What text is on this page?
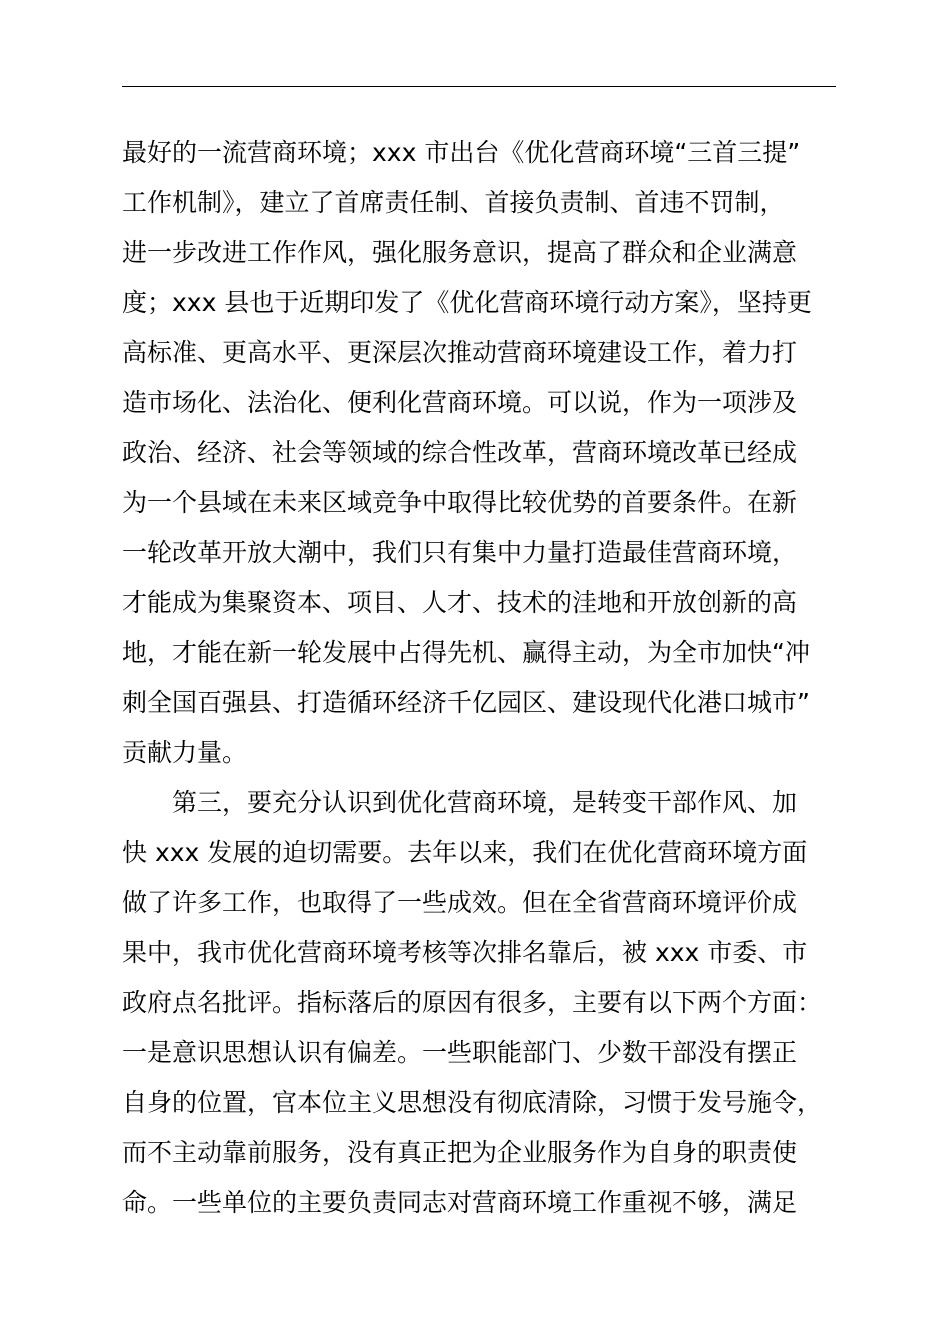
最好的一流营商环境；xxx 市出台《优化营商环境“三首三提”
工作机制》，建立了首席责任制、首接负责制、首违不罚制，
进一步改进工作作风，强化服务意识，提高了群众和企业满意
度；xxx 县也于近期印发了《优化营商环境行动方案》，坚持更
高标准、更高水平、更深层次推动营商环境建设工作，着力打
造市场化、法治化、便利化营商环境。可以说，作为一项涉及
政治、经济、社会等领域的综合性改革，营商环境改革已经成
为一个县域在未来区域竞争中取得比较优势的首要条件。在新
一轮改革开放大潮中，我们只有集中力量打造最佳营商环境，
才能成为集聚资本、项目、人才、技术的洼地和开放创新的高
地，才能在新一轮发展中占得先机、赢得主动，为全市加快“冲
刺全国百强县、打造循环经济千亿园区、建设现代化港口城市”
贡献力量。
第三，要充分认识到优化营商环境，是转变干部作风、加
快 xxx 发展的迫切需要。去年以来，我们在优化营商环境方面
做了许多工作，也取得了一些成效。但在全省营商环境评价成
果中，我市优化营商环境考核等次排名靠后，被 xxx 市委、市
政府点名批评。指标落后的原因有很多，主要有以下两个方面：
一是意识思想认识有偏差。一些职能部门、少数干部没有摆正
自身的位置，官本位主义思想没有彻底清除，习惯于发号施令，
而不主动靠前服务，没有真正把为企业服务作为自身的职责使
命。一些单位的主要负责同志对营商环境工作重视不够，满足
